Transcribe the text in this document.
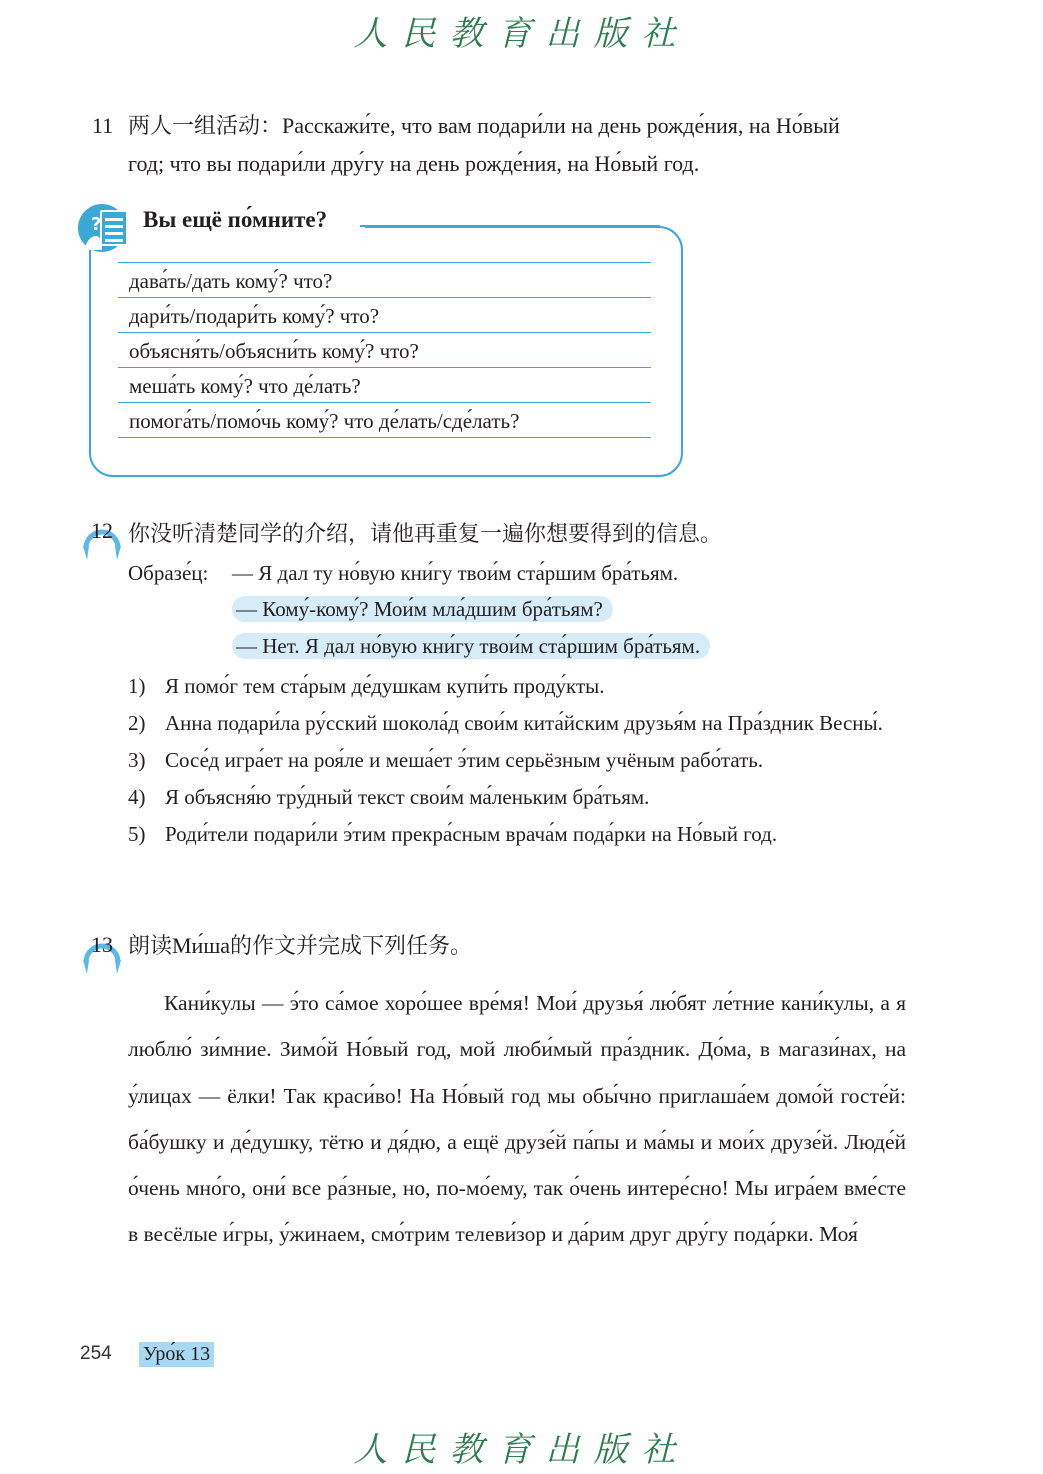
人民教育出版社
11 两人一组活动：Расскажи́те, что вам подари́ли на день рожде́ния, на Но́вый
год; что вы подари́ли дру́гу на день рожде́ния, на Но́вый год.
? Вы ещё по́мните?
дава́ть/дать кому́? что?
дари́ть/подари́ть кому́? что?
объясня́ть/объясни́ть кому́? что?
меша́ть кому́? что де́лать?
помога́ть/помо́чь кому́? что де́лать/сде́лать?
12 你没听清楚同学的介绍，请他再重复一遍你想要得到的信息。
Образе́ц: — Я дал ту но́вую кни́гу твои́м ста́ршим бра́тьям.
— Кому́-кому́? Мои́м мла́дшим бра́тьям?
— Нет. Я дал но́вую кни́гу твои́м ста́ршим бра́тьям.
1) Я помо́г тем ста́рым де́душкам купи́ть проду́кты.
2) Анна подари́ла ру́сский шокола́д свои́м кита́йским друзья́м на Пра́здник Весны́.
3) Сосе́д игра́ет на роя́ле и меша́ет э́тим серьёзным учёным рабо́тать.
4) Я объясня́ю тру́дный текст свои́м ма́леньким бра́тьям.
5) Роди́тели подари́ли э́тим прекра́сным врача́м пода́рки на Но́вый год.
13 朗读Ми́ша的作文并完成下列任务。
Кани́кулы — э́то са́мое хоро́шее вре́мя! Мои́ друзья́ лю́бят ле́тние кани́кулы, а я люблю́ зи́мние. Зимо́й Но́вый год, мой люби́мый пра́здник. До́ма, в магази́нах, на у́лицах — ёлки! Так краси́во! На Но́вый год мы обы́чно приглаша́ем домо́й госте́й: ба́бушку и де́душку, тётю и дя́дю, а ещё друзе́й па́пы и ма́мы и мои́х друзе́й. Люде́й о́чень мно́го, они́ все ра́зные, но, по-мо́ему, так о́чень интере́сно! Мы игра́ем вме́сте в весёлые и́гры, у́жинаем, смо́трим телеви́зор и да́рим друг дру́гу пода́рки. Моя́
254 Уро́к 13
人民教育出版社
